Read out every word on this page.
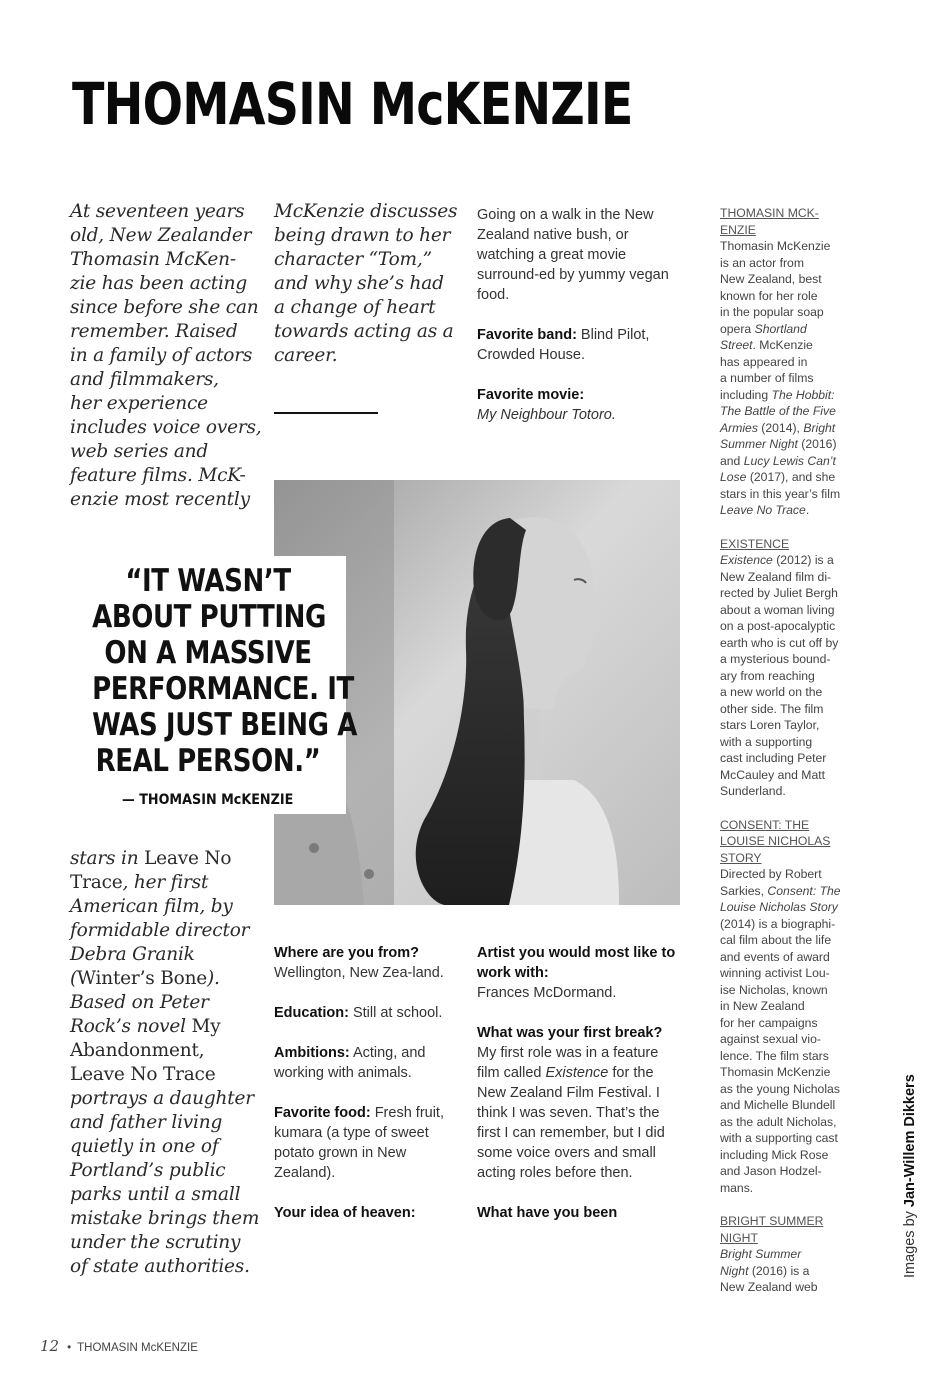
THOMASIN McKENZIE
At seventeen years
old, New Zealander
Thomasin McKen-
zie has been acting
since before she can
remember. Raised
in a family of actors
and filmmakers,
her experience
includes voice overs,
web series and
feature films. McK-
enzie most recently
McKenzie discusses
being drawn to her
character “Tom,”
and why she’s had
a change of heart
towards acting as a
career.

Going on a walk in the New Zealand native bush, or watching a great movie surround-ed by yummy vegan food.

Favorite band: Blind Pilot, Crowded House.

Favorite movie:
My Neighbour Totoro.

“IT WASN’T
ABOUT PUTTING
ON A MASSIVE
PERFORMANCE. IT
WAS JUST BEING A
REAL PERSON.”
— THOMASIN McKENZIE
stars in Leave No
Trace, her first
American film, by
formidable director
Debra Granik
(Winter’s Bone).
Based on Peter
Rock’s novel My
Abandonment,
Leave No Trace
portrays a daughter
and father living
quietly in one of
Portland’s public
parks until a small
mistake brings them
under the scrutiny
of state authorities.

Where are you from?
Wellington, New Zea-land.

Education: Still at school.

Ambitions: Acting, and working with animals.

Favorite food: Fresh fruit, kumara (a type of sweet potato grown in New Zealand).

Your idea of heaven:

Artist you would most like to work with:
Frances McDormand.

What was your first break? My first role was in a feature film called Existence for the New Zealand Film Festival. I think I was seven. That’s the first I can remember, but I did some voice overs and small acting roles before then.

What have you been

THOMASIN MCK-
ENZIE

Thomasin McKenzie
is an actor from
New Zealand, best
known for her role
in the popular soap
opera Shortland
Street. McKenzie
has appeared in
a number of films
including The Hobbit:
The Battle of the Five
Armies (2014), Bright
Summer Night (2016)
and Lucy Lewis Can’t
Lose (2017), and she
stars in this year’s film
Leave No Trace.

EXISTENCE

Existence (2012) is a
New Zealand film di-
rected by Juliet Bergh
about a woman living
on a post-apocalyptic
earth who is cut off by
a mysterious bound-
ary from reaching
a new world on the
other side. The film
stars Loren Taylor,
with a supporting
cast including Peter
McCauley and Matt
Sunderland.

CONSENT: THE
LOUISE NICHOLAS
STORY

Directed by Robert
Sarkies, Consent: The
Louise Nicholas Story
(2014) is a biographi-
cal film about the life
and events of award
winning activist Lou-
ise Nicholas, known
in New Zealand
for her campaigns
against sexual vio-
lence. The film stars
Thomasin McKenzie
as the young Nicholas
and Michelle Blundell
as the adult Nicholas,
with a supporting cast
including Mick Rose
and Jason Hodzel-
mans.

BRIGHT SUMMER
NIGHT

Bright Summer
Night (2016) is a
New Zealand web

Images by Jan-Willem Dikkers
12 • THOMASIN McKENZIE
